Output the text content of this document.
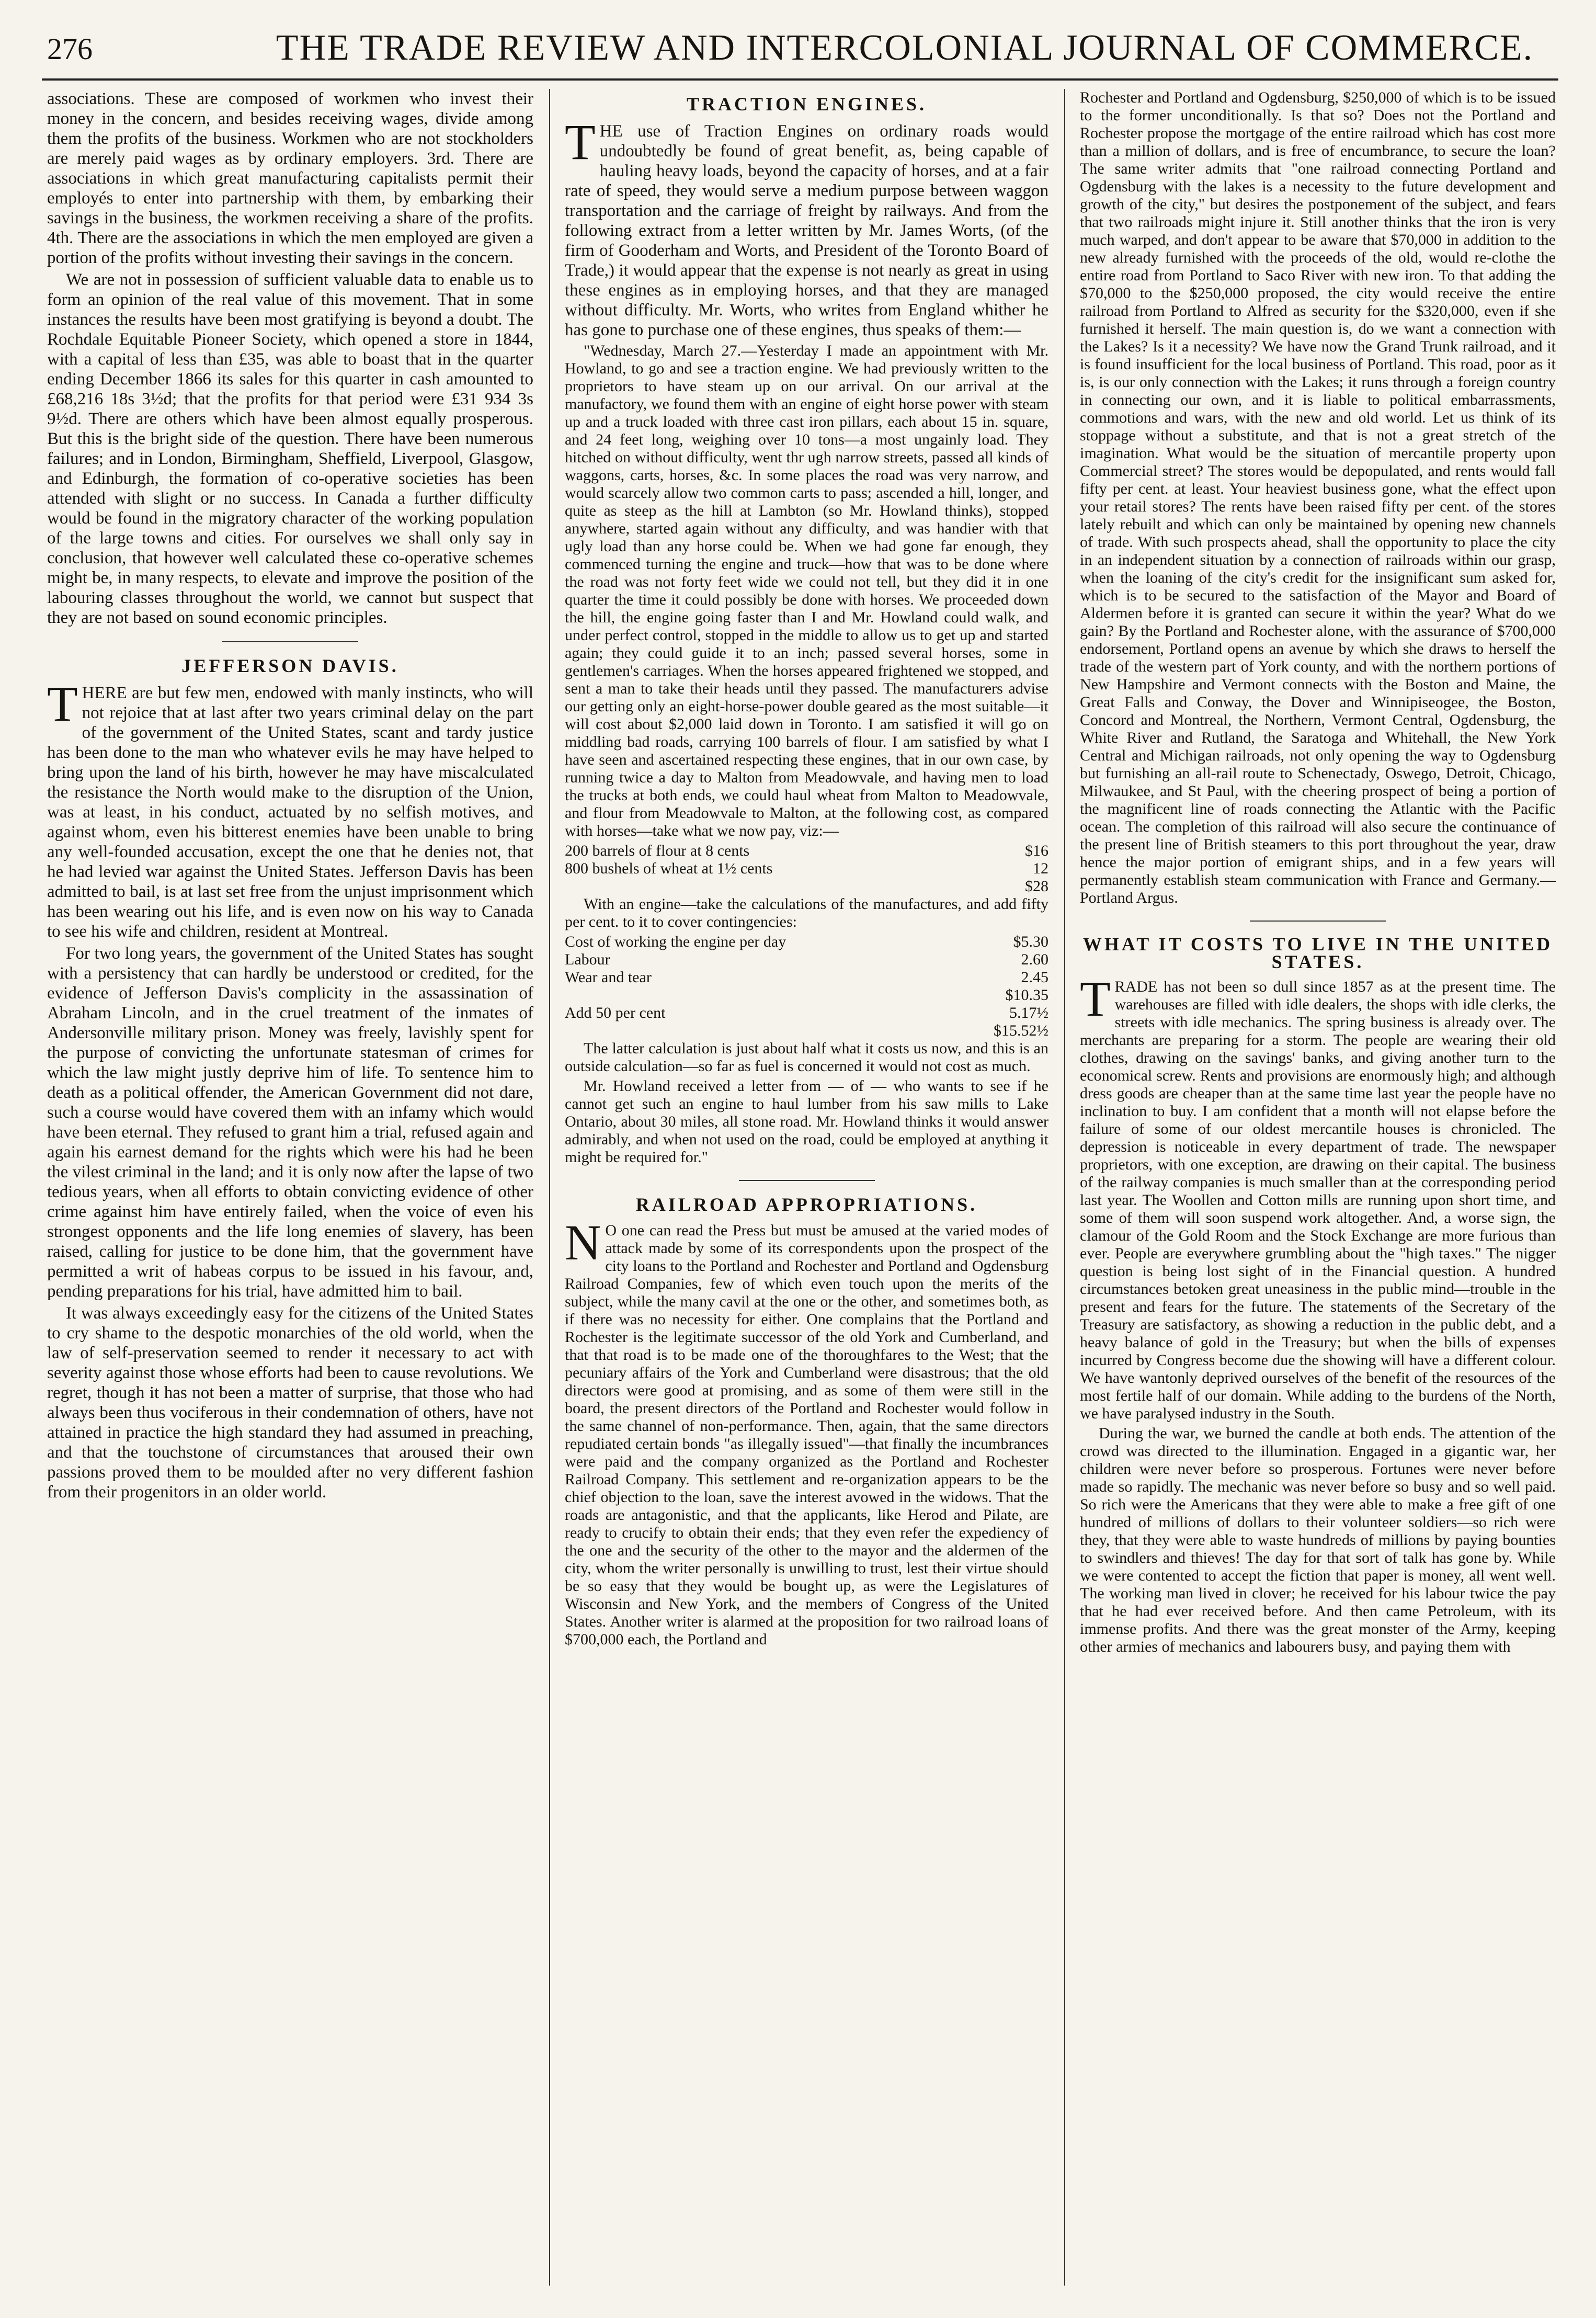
276	THE TRADE REVIEW AND INTERCOLONIAL JOURNAL OF COMMERCE.

associations. These are composed of workmen who invest their money in the concern, and besides receiving wages, divide among them the profits of the business. Workmen who are not stockholders are merely paid wages as by ordinary employers. 3rd. There are associations in which great manufacturing capitalists permit their employés to enter into partnership with them, by embarking their savings in the business, the workmen receiving a share of the profits. 4th. There are the associations in which the men employed are given a portion of the profits without investing their savings in the concern.

We are not in possession of sufficient valuable data to enable us to form an opinion of the real value of this movement. That in some instances the results have been most gratifying is beyond a doubt. The Rochdale Equitable Pioneer Society, which opened a store in 1844, with a capital of less than £35, was able to boast that in the quarter ending December 1866 its sales for this quarter in cash amounted to £68,216 18s 3½d; that the profits for that period were £31 934 3s 9½d. There are others which have been almost equally prosperous. But this is the bright side of the question. There have been numerous failures; and in London, Birmingham, Sheffield, Liverpool, Glasgow, and Edinburgh, the formation of co-operative societies has been attended with slight or no success. In Canada a further difficulty would be found in the migratory character of the working population of the large towns and cities. For ourselves we shall only say in conclusion, that however well calculated these co-operative schemes might be, in many respects, to elevate and improve the position of the labouring classes throughout the world, we cannot but suspect that they are not based on sound economic principles.

JEFFERSON DAVIS.

THERE are but few men, endowed with manly instincts, who will not rejoice that at last after two years criminal delay on the part of the government of the United States, scant and tardy justice has been done to the man who whatever evils he may have helped to bring upon the land of his birth, however he may have miscalculated the resistance the North would make to the disruption of the Union, was at least, in his conduct, actuated by no selfish motives, and against whom, even his bitterest enemies have been unable to bring any well-founded accusation, except the one that he denies not, that he had levied war against the United States. Jefferson Davis has been admitted to bail, is at last set free from the unjust imprisonment which has been wearing out his life, and is even now on his way to Canada to see his wife and children, resident at Montreal.

For two long years, the government of the United States has sought with a persistency that can hardly be understood or credited, for the evidence of Jefferson Davis's complicity in the assassination of Abraham Lincoln, and in the cruel treatment of the inmates of Andersonville military prison. Money was freely, lavishly spent for the purpose of convicting the unfortunate statesman of crimes for which the law might justly deprive him of life. To sentence him to death as a political offender, the American Government did not dare, such a course would have covered them with an infamy which would have been eternal. They refused to grant him a trial, refused again and again his earnest demand for the rights which were his had he been the vilest criminal in the land; and it is only now after the lapse of two tedious years, when all efforts to obtain convicting evidence of other crime against him have entirely failed, when the voice of even his strongest opponents and the life long enemies of slavery, has been raised, calling for justice to be done him, that the government have permitted a writ of habeas corpus to be issued in his favour, and, pending preparations for his trial, have admitted him to bail.

It was always exceedingly easy for the citizens of the United States to cry shame to the despotic monarchies of the old world, when the law of self-preservation seemed to render it necessary to act with severity against those whose efforts had been to cause revolutions. We regret, though it has not been a matter of surprise, that those who had always been thus vociferous in their condemnation of others, have not attained in practice the high standard they had assumed in preaching, and that the touchstone of circumstances that aroused their own passions proved them to be moulded after no very different fashion from their progenitors in an older world.

TRACTION ENGINES.

THE use of Traction Engines on ordinary roads would undoubtedly be found of great benefit, as, being capable of hauling heavy loads, beyond the capacity of horses, and at a fair rate of speed, they would serve a medium purpose between waggon transportation and the carriage of freight by railways. And from the following extract from a letter written by Mr. James Worts, (of the firm of Gooderham and Worts, and President of the Toronto Board of Trade,) it would appear that the expense is not nearly as great in using these engines as in employing horses, and that they are managed without difficulty. Mr. Worts, who writes from England whither he has gone to purchase one of these engines, thus speaks of them:—

"Wednesday, March 27.—Yesterday I made an appointment with Mr. Howland, to go and see a traction engine. We had previously written to the proprietors to have steam up on our arrival. On our arrival at the manufactory, we found them with an engine of eight horse power with steam up and a truck loaded with three cast iron pillars, each about 15 in. square, and 24 feet long, weighing over 10 tons—a most ungainly load. They hitched on without difficulty, went thr ugh narrow streets, passed all kinds of waggons, carts, horses, &c. In some places the road was very narrow, and would scarcely allow two common carts to pass; ascended a hill, longer, and quite as steep as the hill at Lambton (so Mr. Howland thinks), stopped anywhere, started again without any difficulty, and was handier with that ugly load than any horse could be. When we had gone far enough, they commenced turning the engine and truck—how that was to be done where the road was not forty feet wide we could not tell, but they did it in one quarter the time it could possibly be done with horses. We proceeded down the hill, the engine going faster than I and Mr. Howland could walk, and under perfect control, stopped in the middle to allow us to get up and started again; they could guide it to an inch; passed several horses, some in gentlemen's carriages. When the horses appeared frightened we stopped, and sent a man to take their heads until they passed. The manufacturers advise our getting only an eight-horse-power double geared as the most suitable—it will cost about $2,000 laid down in Toronto. I am satisfied it will go on middling bad roads, carrying 100 barrels of flour. I am satisfied by what I have seen and ascertained respecting these engines, that in our own case, by running twice a day to Malton from Meadowvale, and having men to load the trucks at both ends, we could haul wheat from Malton to Meadowvale, and flour from Meadowvale to Malton, at the following cost, as compared with horses—take what we now pay, viz:—

200 barrels of flour at 8 cents	$16
800 bushels of wheat at 1½ cents	12
$28

With an engine—take the calculations of the manufactures, and add fifty per cent. to it to cover contingencies:

Cost of working the engine per day	$5.30
Labour	2.60
Wear and tear	2.45
$10.35
Add 50 per cent	5.17½
$15.52½

The latter calculation is just about half what it costs us now, and this is an outside calculation—so far as fuel is concerned it would not cost as much.

Mr. Howland received a letter from — of — who wants to see if he cannot get such an engine to haul lumber from his saw mills to Lake Ontario, about 30 miles, all stone road. Mr. Howland thinks it would answer admirably, and when not used on the road, could be employed at anything it might be required for."

RAILROAD APPROPRIATIONS.

NO one can read the Press but must be amused at the varied modes of attack made by some of its correspondents upon the prospect of the city loans to the Portland and Rochester and Portland and Ogdensburg Railroad Companies, few of which even touch upon the merits of the subject, while the many cavil at the one or the other, and sometimes both, as if there was no necessity for either. One complains that the Portland and Rochester is the legitimate successor of the old York and Cumberland, and that that road is to be made one of the thoroughfares to the West; that the pecuniary affairs of the York and Cumberland were disastrous; that the old directors were good at promising, and as some of them were still in the board, the present directors of the Portland and Rochester would follow in the same channel of non-performance. Then, again, that the same directors repudiated certain bonds "as illegally issued"—that finally the incumbrances were paid and the company organized as the Portland and Rochester Railroad Company. This settlement and re-organization appears to be the chief objection to the loan, save the interest avowed in the widows. That the roads are antagonistic, and that the applicants, like Herod and Pilate, are ready to crucify to obtain their ends; that they even refer the expediency of the one and the security of the other to the mayor and the aldermen of the city, whom the writer personally is unwilling to trust, lest their virtue should be so easy that they would be bought up, as were the Legislatures of Wisconsin and New York, and the members of Congress of the United States. Another writer is alarmed at the proposition for two railroad loans of $700,000 each, the Portland and

Rochester and Portland and Ogdensburg, $250,000 of which is to be issued to the former unconditionally. Is that so? Does not the Portland and Rochester propose the mortgage of the entire railroad which has cost more than a million of dollars, and is free of encumbrance, to secure the loan? The same writer admits that "one railroad connecting Portland and Ogdensburg with the lakes is a necessity to the future development and growth of the city," but desires the postponement of the subject, and fears that two railroads might injure it. Still another thinks that the iron is very much warped, and don't appear to be aware that $70,000 in addition to the new already furnished with the proceeds of the old, would re-clothe the entire road from Portland to Saco River with new iron. To that adding the $70,000 to the $250,000 proposed, the city would receive the entire railroad from Portland to Alfred as security for the $320,000, even if she furnished it herself. The main question is, do we want a connection with the Lakes? Is it a necessity? We have now the Grand Trunk railroad, and it is found insufficient for the local business of Portland. This road, poor as it is, is our only connection with the Lakes; it runs through a foreign country in connecting our own, and it is liable to political embarrassments, commotions and wars, with the new and old world. Let us think of its stoppage without a substitute, and that is not a great stretch of the imagination. What would be the situation of mercantile property upon Commercial street? The stores would be depopulated, and rents would fall fifty per cent. at least. Your heaviest business gone, what the effect upon your retail stores? The rents have been raised fifty per cent. of the stores lately rebuilt and which can only be maintained by opening new channels of trade. With such prospects ahead, shall the opportunity to place the city in an independent situation by a connection of railroads within our grasp, when the loaning of the city's credit for the insignificant sum asked for, which is to be secured to the satisfaction of the Mayor and Board of Aldermen before it is granted can secure it within the year? What do we gain? By the Portland and Rochester alone, with the assurance of $700,000 endorsement, Portland opens an avenue by which she draws to herself the trade of the western part of York county, and with the northern portions of New Hampshire and Vermont connects with the Boston and Maine, the Great Falls and Conway, the Dover and Winnipiseogee, the Boston, Concord and Montreal, the Northern, Vermont Central, Ogdensburg, the White River and Rutland, the Saratoga and Whitehall, the New York Central and Michigan railroads, not only opening the way to Ogdensburg but furnishing an all-rail route to Schenectady, Oswego, Detroit, Chicago, Milwaukee, and St Paul, with the cheering prospect of being a portion of the magnificent line of roads connecting the Atlantic with the Pacific ocean. The completion of this railroad will also secure the continuance of the present line of British steamers to this port throughout the year, draw hence the major portion of emigrant ships, and in a few years will permanently establish steam communication with France and Germany.—Portland Argus.

WHAT IT COSTS TO LIVE IN THE UNITED STATES.

TRADE has not been so dull since 1857 as at the present time. The warehouses are filled with idle dealers, the shops with idle clerks, the streets with idle mechanics. The spring business is already over. The merchants are preparing for a storm. The people are wearing their old clothes, drawing on the savings' banks, and giving another turn to the economical screw. Rents and provisions are enormously high; and although dress goods are cheaper than at the same time last year the people have no inclination to buy. I am confident that a month will not elapse before the failure of some of our oldest mercantile houses is chronicled. The depression is noticeable in every department of trade. The newspaper proprietors, with one exception, are drawing on their capital. The business of the railway companies is much smaller than at the corresponding period last year. The Woollen and Cotton mills are running upon short time, and some of them will soon suspend work altogether. And, a worse sign, the clamour of the Gold Room and the Stock Exchange are more furious than ever. People are everywhere grumbling about the "high taxes." The nigger question is being lost sight of in the Financial question. A hundred circumstances betoken great uneasiness in the public mind—trouble in the present and fears for the future. The statements of the Secretary of the Treasury are satisfactory, as showing a reduction in the public debt, and a heavy balance of gold in the Treasury; but when the bills of expenses incurred by Congress become due the showing will have a different colour. We have wantonly deprived ourselves of the benefit of the resources of the most fertile half of our domain. While adding to the burdens of the North, we have paralysed industry in the South.

During the war, we burned the candle at both ends. The attention of the crowd was directed to the illumination. Engaged in a gigantic war, her children were never before so prosperous. Fortunes were never before made so rapidly. The mechanic was never before so busy and so well paid. So rich were the Americans that they were able to make a free gift of one hundred of millions of dollars to their volunteer soldiers—so rich were they, that they were able to waste hundreds of millions by paying bounties to swindlers and thieves! The day for that sort of talk has gone by. While we were contented to accept the fiction that paper is money, all went well. The working man lived in clover; he received for his labour twice the pay that he had ever received before. And then came Petroleum, with its immense profits. And there was the great monster of the Army, keeping other armies of mechanics and labourers busy, and paying them with
